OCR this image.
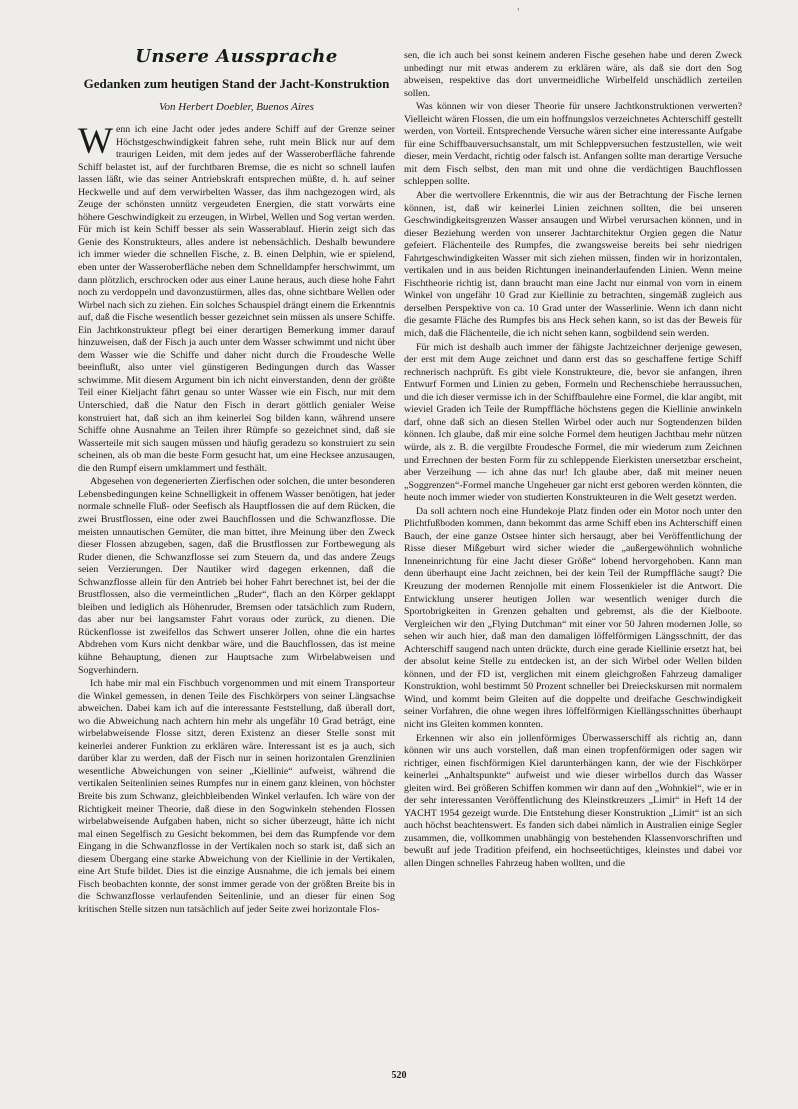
'
Unsere Aussprache
Gedanken zum heutigen Stand der Jacht-Konstruktion
Von Herbert Doebler, Buenos Aires

Wenn ich eine Jacht oder jedes andere Schiff auf der Grenze seiner Höchstgeschwindigkeit fahren sehe, ruht mein Blick nur auf dem traurigen Leiden, mit dem jedes auf der Wasseroberfläche fahrende Schiff belastet ist, auf der furchtbaren Bremse, die es nicht so schnell laufen lassen läßt, wie das seiner Antriebskraft entsprechen müßte, d. h. auf seiner Heckwelle und auf dem verwirbelten Wasser, das ihm nachgezogen wird, als Zeuge der schönsten unnütz vergeudeten Energien, die statt vorwärts eine höhere Geschwindigkeit zu erzeugen, in Wirbel, Wellen und Sog vertan werden. Für mich ist kein Schiff besser als sein Wasserablauf. Hierin zeigt sich das Genie des Konstrukteurs, alles andere ist nebensächlich. Deshalb bewundere ich immer wieder die schnellen Fische, z. B. einen Delphin, wie er spielend, eben unter der Wasseroberfläche neben dem Schnelldampfer herschwimmt, um dann plötzlich, erschrocken oder aus einer Laune heraus, auch diese hohe Fahrt noch zu verdoppeln und davonzustürmen, alles das, ohne sichtbare Wellen oder Wirbel nach sich zu ziehen. Ein solches Schauspiel drängt einem die Erkenntnis auf, daß die Fische wesentlich besser gezeichnet sein müssen als unsere Schiffe. Ein Jachtkonstrukteur pflegt bei einer derartigen Bemerkung immer darauf hinzuweisen, daß der Fisch ja auch unter dem Wasser schwimmt und nicht über dem Wasser wie die Schiffe und daher nicht durch die Froudesche Welle beeinflußt, also unter viel günstigeren Bedingungen durch das Wasser schwimme. Mit diesem Argument bin ich nicht einverstanden, denn der größte Teil einer Kieljacht fährt genau so unter Wasser wie ein Fisch, nur mit dem Unterschied, daß die Natur den Fisch in derart göttlich genialer Weise konstruiert hat, daß sich an ihm keinerlei Sog bilden kann, während unsere Schiffe ohne Ausnahme an Teilen ihrer Rümpfe so gezeichnet sind, daß sie Wasserteile mit sich saugen müssen und häufig geradezu so konstruiert zu sein scheinen, als ob man die beste Form gesucht hat, um eine Hecksee anzusaugen, die den Rumpf eisern umklammert und festhält.

Abgesehen von degenerierten Zierfischen oder solchen, die unter besonderen Lebensbedingungen keine Schnelligkeit in offenem Wasser benötigen, hat jeder normale schnelle Fluß- oder Seefisch als Hauptflossen die auf dem Rücken, die zwei Brustflossen, eine oder zwei Bauchflossen und die Schwanzflosse. Die meisten unnautischen Gemüter, die man bittet, ihre Meinung über den Zweck dieser Flossen abzugeben, sagen, daß die Brustflossen zur Fortbewegung als Ruder dienen, die Schwanzflosse sei zum Steuern da, und das andere Zeugs seien Verzierungen. Der Nautiker wird dagegen erkennen, daß die Schwanzflosse allein für den Antrieb bei hoher Fahrt berechnet ist, bei der die Brustflossen, also die vermeintlichen „Ruder“, flach an den Körper geklappt bleiben und lediglich als Höhenruder, Bremsen oder tatsächlich zum Rudern, das aber nur bei langsamster Fahrt voraus oder zurück, zu dienen. Die Rückenflosse ist zweifellos das Schwert unserer Jollen, ohne die ein hartes Abdrehen vom Kurs nicht denkbar wäre, und die Bauchflossen, das ist meine kühne Behauptung, dienen zur Hauptsache zum Wirbelabweisen und Sogverhindern.

Ich habe mir mal ein Fischbuch vorgenommen und mit einem Transporteur die Winkel gemessen, in denen Teile des Fischkörpers von seiner Längsachse abweichen. Dabei kam ich auf die interessante Feststellung, daß überall dort, wo die Abweichung nach achtern hin mehr als ungefähr 10 Grad beträgt, eine wirbelabweisende Flosse sitzt, deren Existenz an dieser Stelle sonst mit keinerlei anderer Funktion zu erklären wäre. Interessant ist es ja auch, sich darüber klar zu werden, daß der Fisch nur in seinen horizontalen Grenzlinien wesentliche Abweichungen von seiner „Kiellinie“ aufweist, während die vertikalen Seitenlinien seines Rumpfes nur in einem ganz kleinen, von höchster Breite bis zum Schwanz, gleichbleibenden Winkel verlaufen. Ich wäre von der Richtigkeit meiner Theorie, daß diese in den Sogwinkeln stehenden Flossen wirbelabweisende Aufgaben haben, nicht so sicher überzeugt, hätte ich nicht mal einen Segelfisch zu Gesicht bekommen, bei dem das Rumpfende vor dem Eingang in die Schwanzflosse in der Vertikalen noch so stark ist, daß sich an diesem Übergang eine starke Abweichung von der Kiellinie in der Vertikalen, eine Art Stufe bildet. Dies ist die einzige Ausnahme, die ich jemals bei einem Fisch beobachten konnte, der sonst immer gerade von der größten Breite bis in die Schwanzflosse verlaufenden Seitenlinie, und an dieser für einen Sog kritischen Stelle sitzen nun tatsächlich auf jeder Seite zwei horizontale Flos-

sen, die ich auch bei sonst keinem anderen Fische gesehen habe und deren Zweck unbedingt nur mit etwas anderem zu erklären wäre, als daß sie dort den Sog abweisen, respektive das dort unvermeidliche Wirbelfeld unschädlich zerteilen sollen.

Was können wir von dieser Theorie für unsere Jachtkonstruktionen verwerten? Vielleicht wären Flossen, die um ein hoffnungslos verzeichnetes Achterschiff gestellt werden, von Vorteil. Entsprechende Versuche wären sicher eine interessante Aufgabe für eine Schiffbauversuchsanstalt, um mit Schleppversuchen festzustellen, wie weit dieser, mein Verdacht, richtig oder falsch ist. Anfangen sollte man derartige Versuche mit dem Fisch selbst, den man mit und ohne die verdächtigen Bauchflossen schleppen sollte.

Aber die wertvollere Erkenntnis, die wir aus der Betrachtung der Fische lernen können, ist, daß wir keinerlei Linien zeichnen sollten, die bei unseren Geschwindigkeitsgrenzen Wasser ansaugen und Wirbel verursachen können, und in dieser Beziehung werden von unserer Jachtarchitektur Orgien gegen die Natur gefeiert. Flächenteile des Rumpfes, die zwangsweise bereits bei sehr niedrigen Fahrtgeschwindigkeiten Wasser mit sich ziehen müssen, finden wir in horizontalen, vertikalen und in aus beiden Richtungen ineinanderlaufenden Linien. Wenn meine Fischtheorie richtig ist, dann braucht man eine Jacht nur einmal von vorn in einem Winkel von ungefähr 10 Grad zur Kiellinie zu betrachten, singemäß zugleich aus derselben Perspektive von ca. 10 Grad unter der Wasserlinie. Wenn ich dann nicht die gesamte Fläche des Rumpfes bis ans Heck sehen kann, so ist das der Beweis für mich, daß die Flächenteile, die ich nicht sehen kann, sogbildend sein werden.

Für mich ist deshalb auch immer der fähigste Jachtzeichner derjenige gewesen, der erst mit dem Auge zeichnet und dann erst das so geschaffene fertige Schiff rechnerisch nachprüft. Es gibt viele Konstrukteure, die, bevor sie anfangen, ihren Entwurf Formen und Linien zu geben, Formeln und Rechenschiebe herraussuchen, und die ich dieser vermisse ich in der Schiffbaulehre eine Formel, die klar angibt, mit wieviel Graden ich Teile der Rumpffläche höchstens gegen die Kiellinie anwinkeln darf, ohne daß sich an diesen Stellen Wirbel oder auch nur Sogtendenzen bilden können. Ich glaube, daß mir eine solche Formel dem heutigen Jachtbau mehr nützen würde, als z. B. die vergilbte Froudesche Formel, die mir wiederum zum Zeichnen und Errechnen der besten Form für zu schleppende Eierkisten unersetzbar erscheint, aber Verzeihung — ich ahne das nur! Ich glaube aber, daß mit meiner neuen „Soggrenzen“-Formel manche Ungeheuer gar nicht erst geboren werden könnten, die heute noch immer wieder von studierten Konstrukteuren in die Welt gesetzt werden.

Da soll achtern noch eine Hundekoje Platz finden oder ein Motor noch unter den Plichtfußboden kommen, dann bekommt das arme Schiff eben ins Achterschiff einen Bauch, der eine ganze Ostsee hinter sich hersaugt, aber bei Veröffentlichung der Risse dieser Mißgeburt wird sicher wieder die „außergewöhnlich wohnliche Inneneinrichtung für eine Jacht dieser Größe“ lobend hervorgehoben. Kann man denn überhaupt eine Jacht zeichnen, bei der kein Teil der Rumpffläche saugt? Die Kreuzung der modernen Rennjolle mit einem Flossenkieler ist die Antwort. Die Entwicklung unserer heutigen Jollen war wesentlich weniger durch die Sportobrigkeiten in Grenzen gehalten und gebremst, als die der Kielboote. Vergleichen wir den „Flying Dutchman“ mit einer vor 50 Jahren modernen Jolle, so sehen wir auch hier, daß man den damaligen löffelförmigen Längsschnitt, der das Achterschiff saugend nach unten drückte, durch eine gerade Kiellinie ersetzt hat, bei der absolut keine Stelle zu entdecken ist, an der sich Wirbel oder Wellen bilden können, und der FD ist, verglichen mit einem gleichgroßen Fahrzeug damaliger Konstruktion, wohl bestimmt 50 Prozent schneller bei Dreieckskursen mit normalem Wind, und kommt beim Gleiten auf die doppelte und dreifache Geschwindigkeit seiner Vorfahren, die ohne wegen ihres löffelförmigen Kiellängsschnittes überhaupt nicht ins Gleiten kommen konnten.

Erkennen wir also ein jollenförmiges Überwasserschiff als richtig an, dann können wir uns auch vorstellen, daß man einen tropfenförmigen oder sagen wir richtiger, einen fischförmigen Kiel darunterhängen kann, der wie der Fischkörper keinerlei „Anhaltspunkte“ aufweist und wie dieser wirbellos durch das Wasser gleiten wird. Bei größeren Schiffen kommen wir dann auf den „Wohnkiel“, wie er in der sehr interessanten Veröffentlichung des Kleinstkreuzers „Limit“ in Heft 14 der YACHT 1954 gezeigt wurde. Die Entstehung dieser Konstruktion „Limit“ ist an sich auch höchst beachtenswert. Es fanden sich dabei nämlich in Australien einige Segler zusammen, die, vollkommen unabhängig von bestehenden Klassenvorschriften und bewußt auf jede Tradition pfeifend, ein hochseetüchtiges, kleinstes und dabei vor allen Dingen schnelles Fahrzeug haben wollten, und die

520
